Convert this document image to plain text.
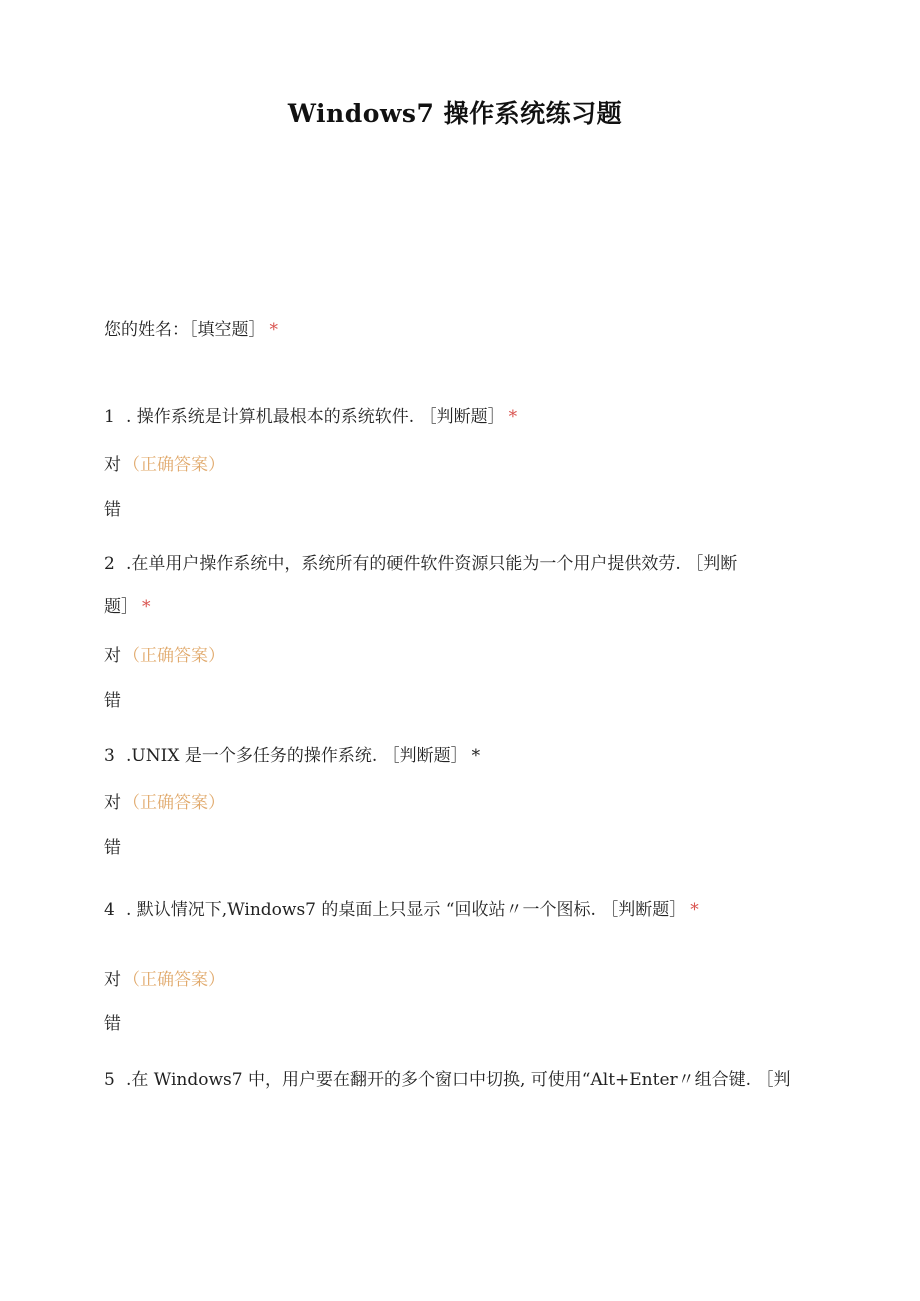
Windows7 操作系统练习题
您的姓名：［填空题］ *
1 . 操作系统是计算机最根本的系统软件. ［判断题］ *
对 （正确答案）
错
2 .在单用户操作系统中，系统所有的硬件软件资源只能为一个用户提供效劳. ［判断
题］ *
对 （正确答案）
错
3 .UNIX 是一个多任务的操作系统. ［判断题］ *
对 （正确答案）
错
4 . 默认情况下,Windows7 的桌面上只显示 “回收站〃一个图标. ［判断题］ *
对 （正确答案）
错
5 .在 Windows7 中，用户要在翻开的多个窗口中切换, 可使用“Alt+Enter〃组合键. ［判
